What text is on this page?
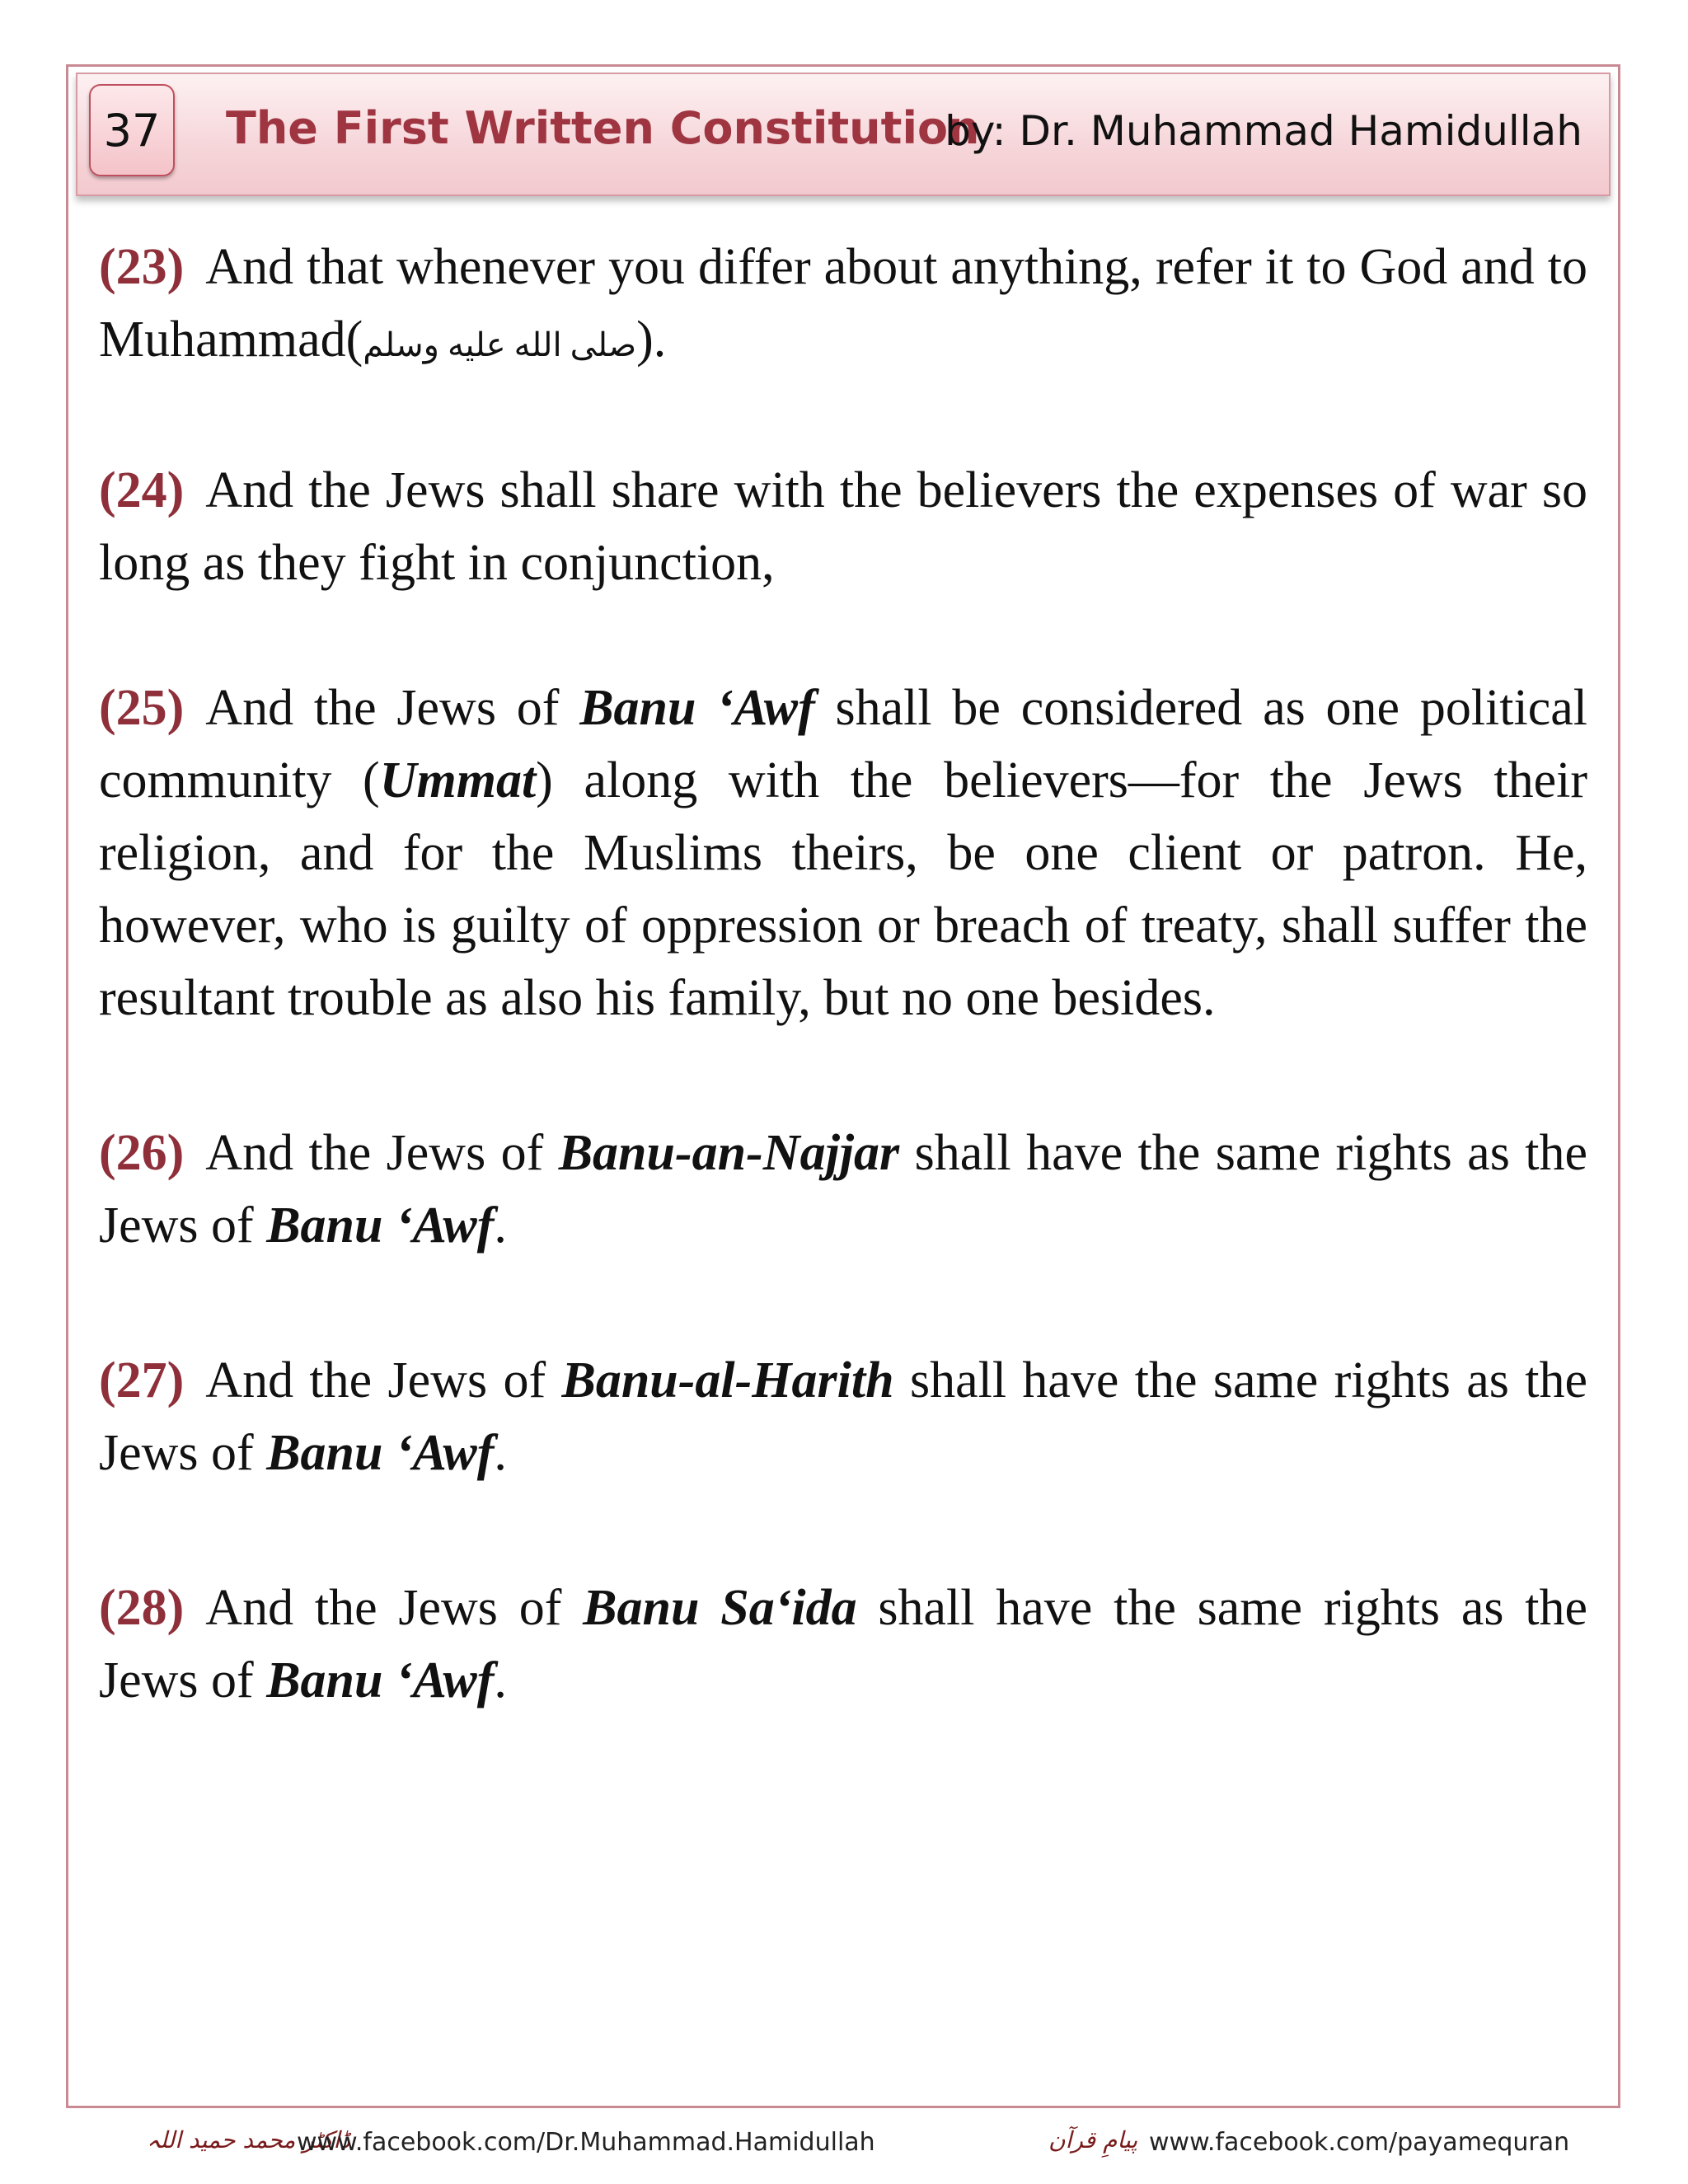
37	The First Written Constitution
by: Dr. Muhammad Hamidullah

(23) And that whenever you differ about anything, refer it to God and to Muhammad(صلى الله عليه وسلم).

(24) And the Jews shall share with the believers the expenses of war so long as they fight in conjunction,

(25) And the Jews of Banu ‘Awf shall be considered as one political community (Ummat) along with the believers—for the Jews their religion, and for the Muslims theirs, be one client or patron. He, however, who is guilty of oppression or breach of treaty, shall suffer the resultant trouble as also his family, but no one besides.

(26) And the Jews of Banu-an-Najjar shall have the same rights as the Jews of Banu ‘Awf.

(27) And the Jews of Banu-al-Harith shall have the same rights as the Jews of Banu ‘Awf.

(28) And the Jews of Banu Sa‘ida shall have the same rights as the Jews of Banu ‘Awf.

ڈاکٹر محمد حمید اللہ
www.facebook.com/Dr.Muhammad.Hamidullah	پیامِ قرآن www.facebook.com/payamequran
